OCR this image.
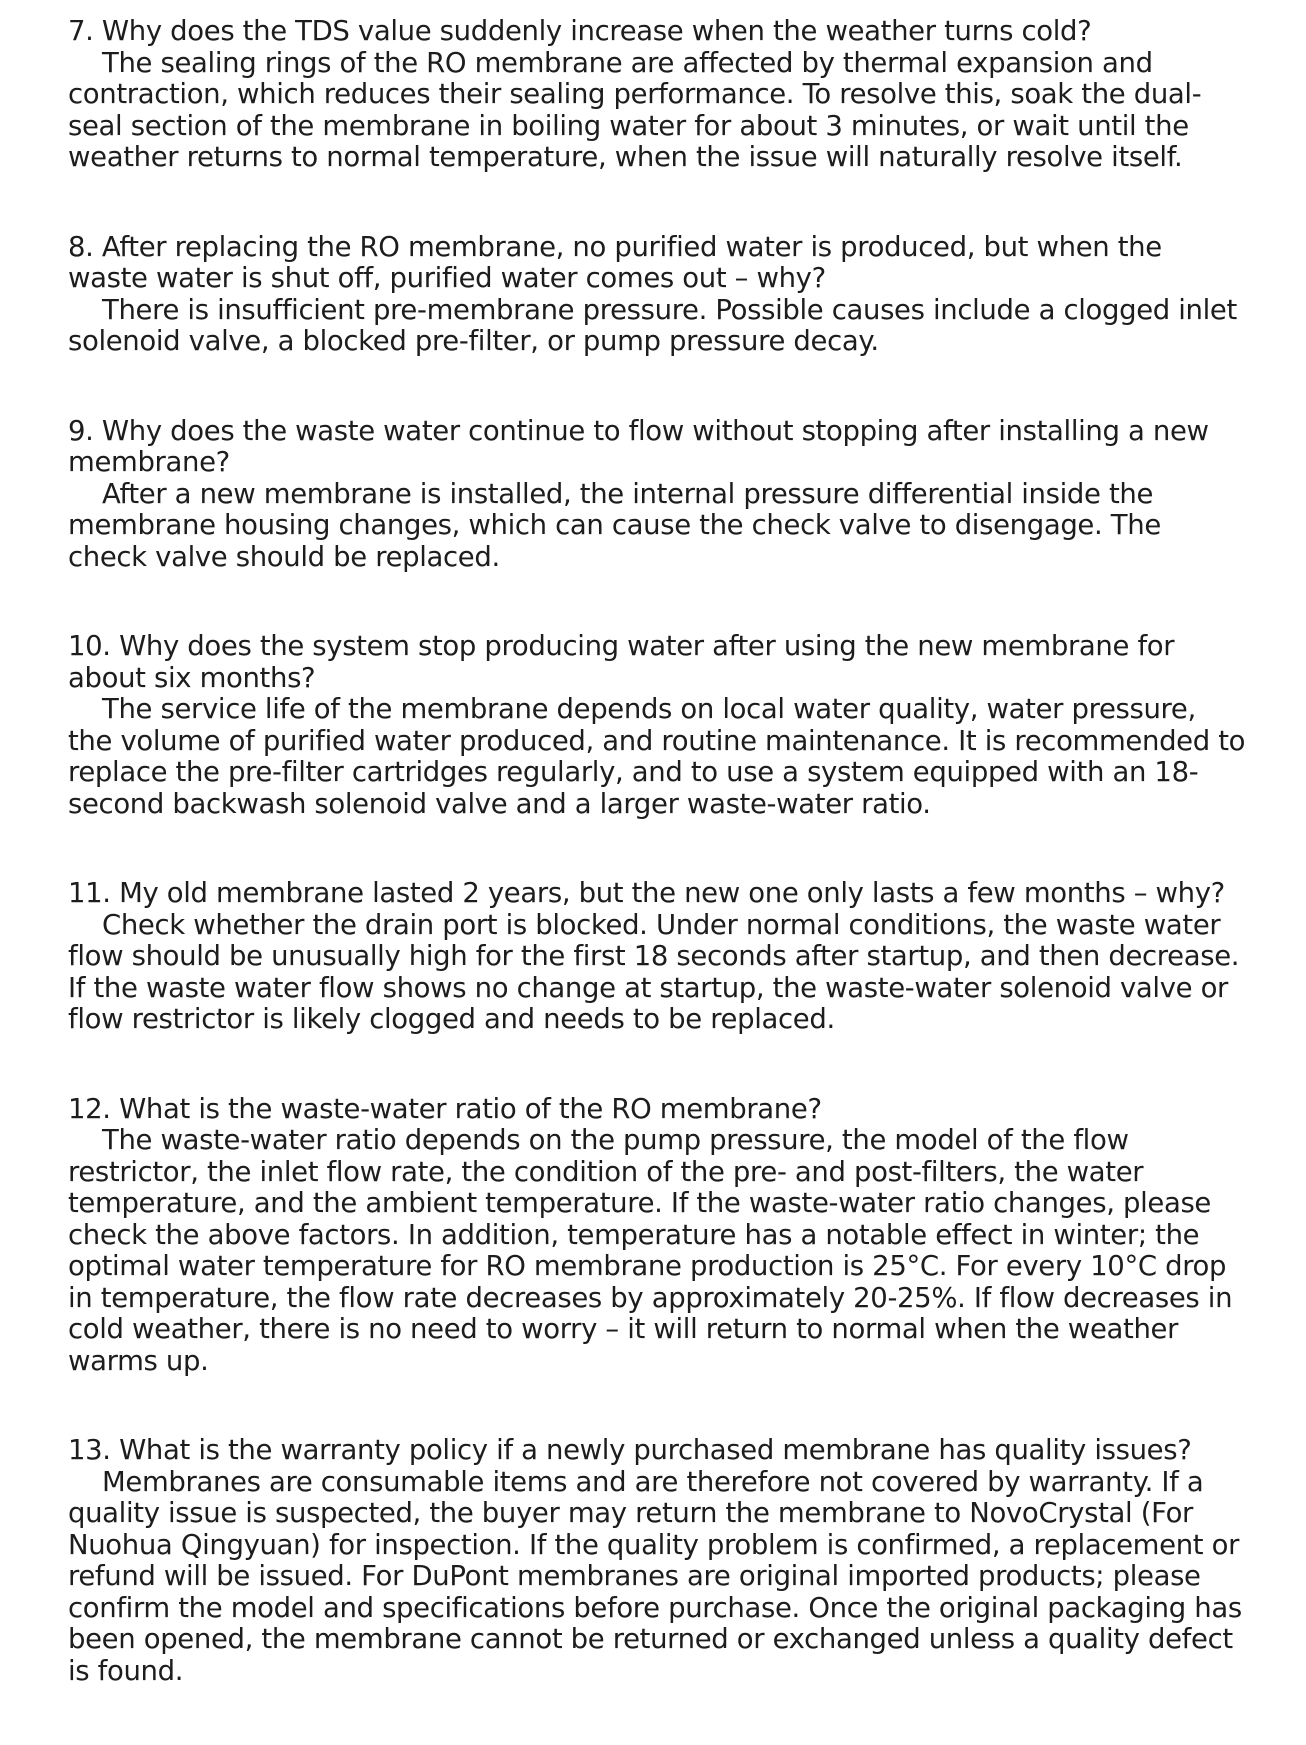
7. Why does the TDS value suddenly increase when the weather turns cold?

The sealing rings of the RO membrane are affected by thermal expansion and contraction, which reduces their sealing performance. To resolve this, soak the dual-seal section of the membrane in boiling water for about 3 minutes, or wait until the weather returns to normal temperature, when the issue will naturally resolve itself.

8. After replacing the RO membrane, no purified water is produced, but when the waste water is shut off, purified water comes out – why?

There is insufficient pre-membrane pressure. Possible causes include a clogged inlet solenoid valve, a blocked pre-filter, or pump pressure decay.

9. Why does the waste water continue to flow without stopping after installing a new membrane?

After a new membrane is installed, the internal pressure differential inside the membrane housing changes, which can cause the check valve to disengage. The check valve should be replaced.

10. Why does the system stop producing water after using the new membrane for about six months?

The service life of the membrane depends on local water quality, water pressure, the volume of purified water produced, and routine maintenance. It is recommended to replace the pre-filter cartridges regularly, and to use a system equipped with an 18-second backwash solenoid valve and a larger waste-water ratio.

11. My old membrane lasted 2 years, but the new one only lasts a few months – why?

Check whether the drain port is blocked. Under normal conditions, the waste water flow should be unusually high for the first 18 seconds after startup, and then decrease. If the waste water flow shows no change at startup, the waste-water solenoid valve or flow restrictor is likely clogged and needs to be replaced.

12. What is the waste-water ratio of the RO membrane?

The waste-water ratio depends on the pump pressure, the model of the flow restrictor, the inlet flow rate, the condition of the pre- and post-filters, the water temperature, and the ambient temperature. If the waste-water ratio changes, please check the above factors. In addition, temperature has a notable effect in winter; the optimal water temperature for RO membrane production is 25°C. For every 10°C drop in temperature, the flow rate decreases by approximately 20-25%. If flow decreases in cold weather, there is no need to worry – it will return to normal when the weather warms up.

13. What is the warranty policy if a newly purchased membrane has quality issues?

Membranes are consumable items and are therefore not covered by warranty. If a quality issue is suspected, the buyer may return the membrane to NovoCrystal (For Nuohua Qingyuan) for inspection. If the quality problem is confirmed, a replacement or refund will be issued. For DuPont membranes are original imported products; please confirm the model and specifications before purchase. Once the original packaging has been opened, the membrane cannot be returned or exchanged unless a quality defect is found.
